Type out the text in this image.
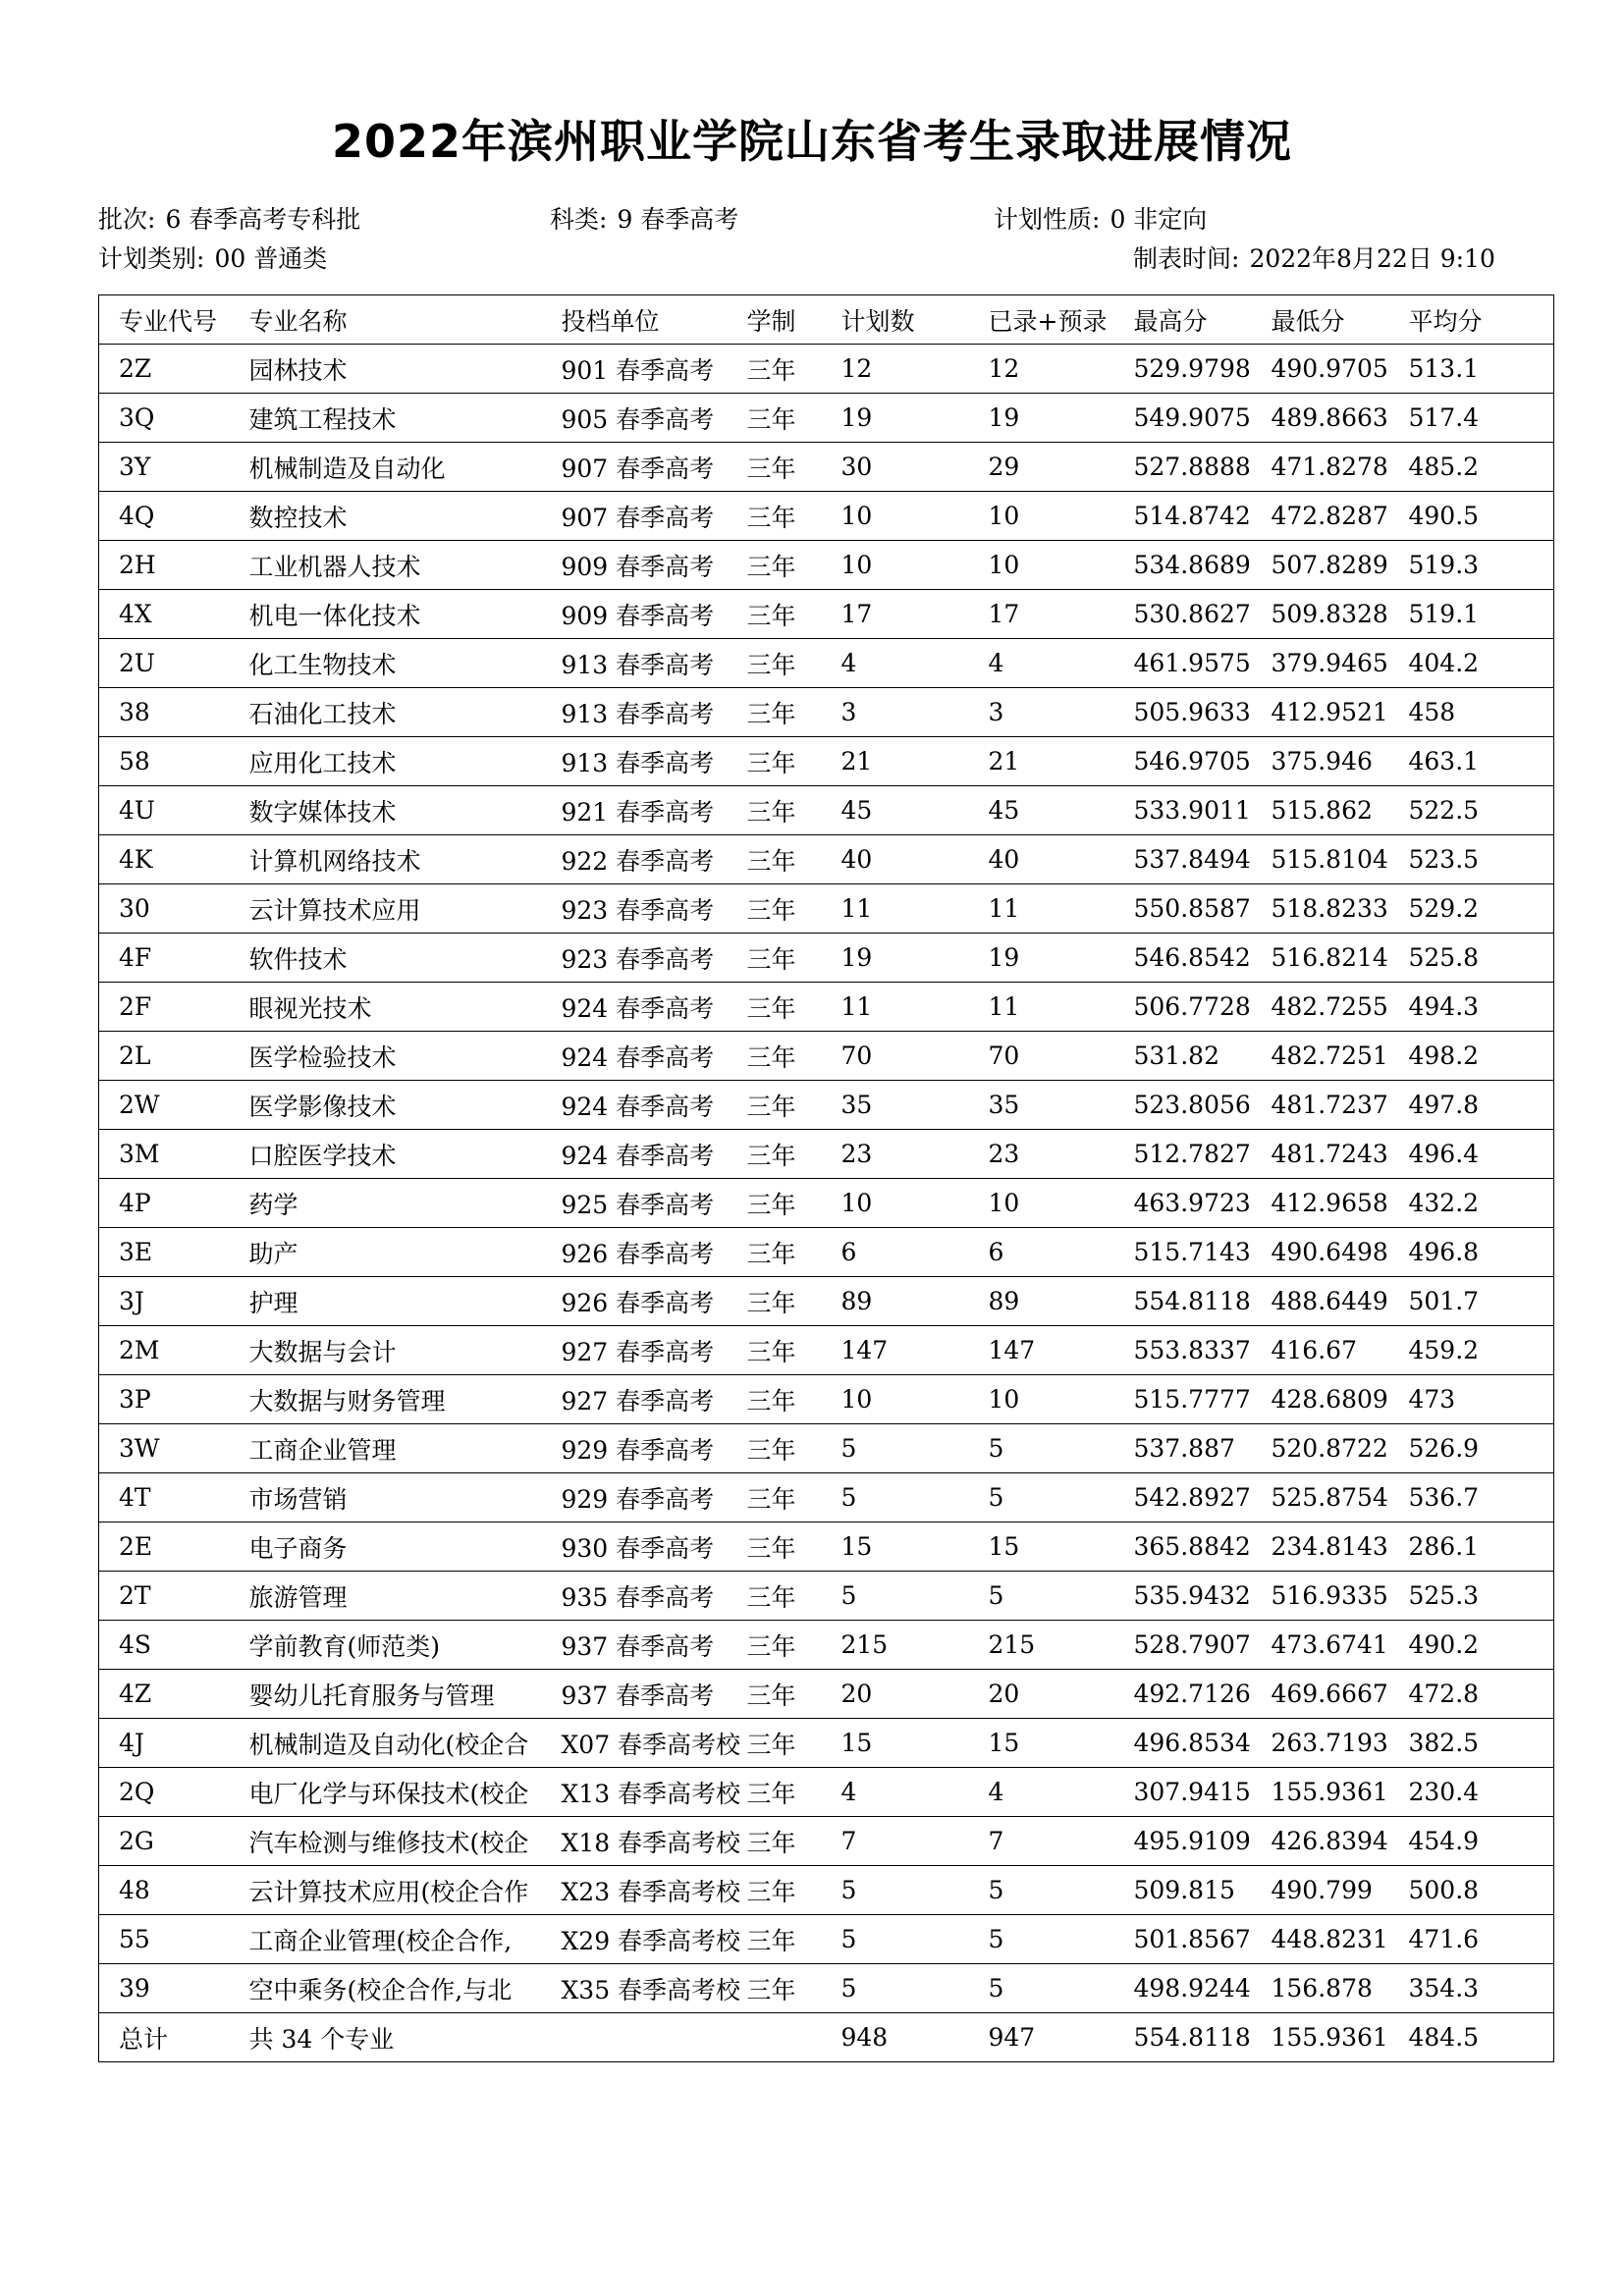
2022年滨州职业学院山东省考生录取进展情况
批次: 6 春季高考专科批	科类: 9 春季高考	计划性质: 0 非定向
计划类别: 00 普通类	制表时间: 2022年8月22日 9:10
专业代号	专业名称	投档单位	学制	计划数	已录+预录	最高分	最低分	平均分
2Z	园林技术	901 春季高考	三年	12	12	529.9798	490.9705	513.1
3Q	建筑工程技术	905 春季高考	三年	19	19	549.9075	489.8663	517.4
3Y	机械制造及自动化	907 春季高考	三年	30	29	527.8888	471.8278	485.2
4Q	数控技术	907 春季高考	三年	10	10	514.8742	472.8287	490.5
2H	工业机器人技术	909 春季高考	三年	10	10	534.8689	507.8289	519.3
4X	机电一体化技术	909 春季高考	三年	17	17	530.8627	509.8328	519.1
2U	化工生物技术	913 春季高考	三年	4	4	461.9575	379.9465	404.2
38	石油化工技术	913 春季高考	三年	3	3	505.9633	412.9521	458
58	应用化工技术	913 春季高考	三年	21	21	546.9705	375.946	463.1
4U	数字媒体技术	921 春季高考	三年	45	45	533.9011	515.862	522.5
4K	计算机网络技术	922 春季高考	三年	40	40	537.8494	515.8104	523.5
30	云计算技术应用	923 春季高考	三年	11	11	550.8587	518.8233	529.2
4F	软件技术	923 春季高考	三年	19	19	546.8542	516.8214	525.8
2F	眼视光技术	924 春季高考	三年	11	11	506.7728	482.7255	494.3
2L	医学检验技术	924 春季高考	三年	70	70	531.82	482.7251	498.2
2W	医学影像技术	924 春季高考	三年	35	35	523.8056	481.7237	497.8
3M	口腔医学技术	924 春季高考	三年	23	23	512.7827	481.7243	496.4
4P	药学	925 春季高考	三年	10	10	463.9723	412.9658	432.2
3E	助产	926 春季高考	三年	6	6	515.7143	490.6498	496.8
3J	护理	926 春季高考	三年	89	89	554.8118	488.6449	501.7
2M	大数据与会计	927 春季高考	三年	147	147	553.8337	416.67	459.2
3P	大数据与财务管理	927 春季高考	三年	10	10	515.7777	428.6809	473
3W	工商企业管理	929 春季高考	三年	5	5	537.887	520.8722	526.9
4T	市场营销	929 春季高考	三年	5	5	542.8927	525.8754	536.7
2E	电子商务	930 春季高考	三年	15	15	365.8842	234.8143	286.1
2T	旅游管理	935 春季高考	三年	5	5	535.9432	516.9335	525.3
4S	学前教育(师范类)	937 春季高考	三年	215	215	528.7907	473.6741	490.2
4Z	婴幼儿托育服务与管理	937 春季高考	三年	20	20	492.7126	469.6667	472.8
4J	机械制造及自动化(校企合	X07 春季高考校	三年	15	15	496.8534	263.7193	382.5
2Q	电厂化学与环保技术(校企	X13 春季高考校	三年	4	4	307.9415	155.9361	230.4
2G	汽车检测与维修技术(校企	X18 春季高考校	三年	7	7	495.9109	426.8394	454.9
48	云计算技术应用(校企合作	X23 春季高考校	三年	5	5	509.815	490.799	500.8
55	工商企业管理(校企合作,	X29 春季高考校	三年	5	5	501.8567	448.8231	471.6
39	空中乘务(校企合作,与北	X35 春季高考校	三年	5	5	498.9244	156.878	354.3
总计	共 34 个专业			948	947	554.8118	155.9361	484.5
